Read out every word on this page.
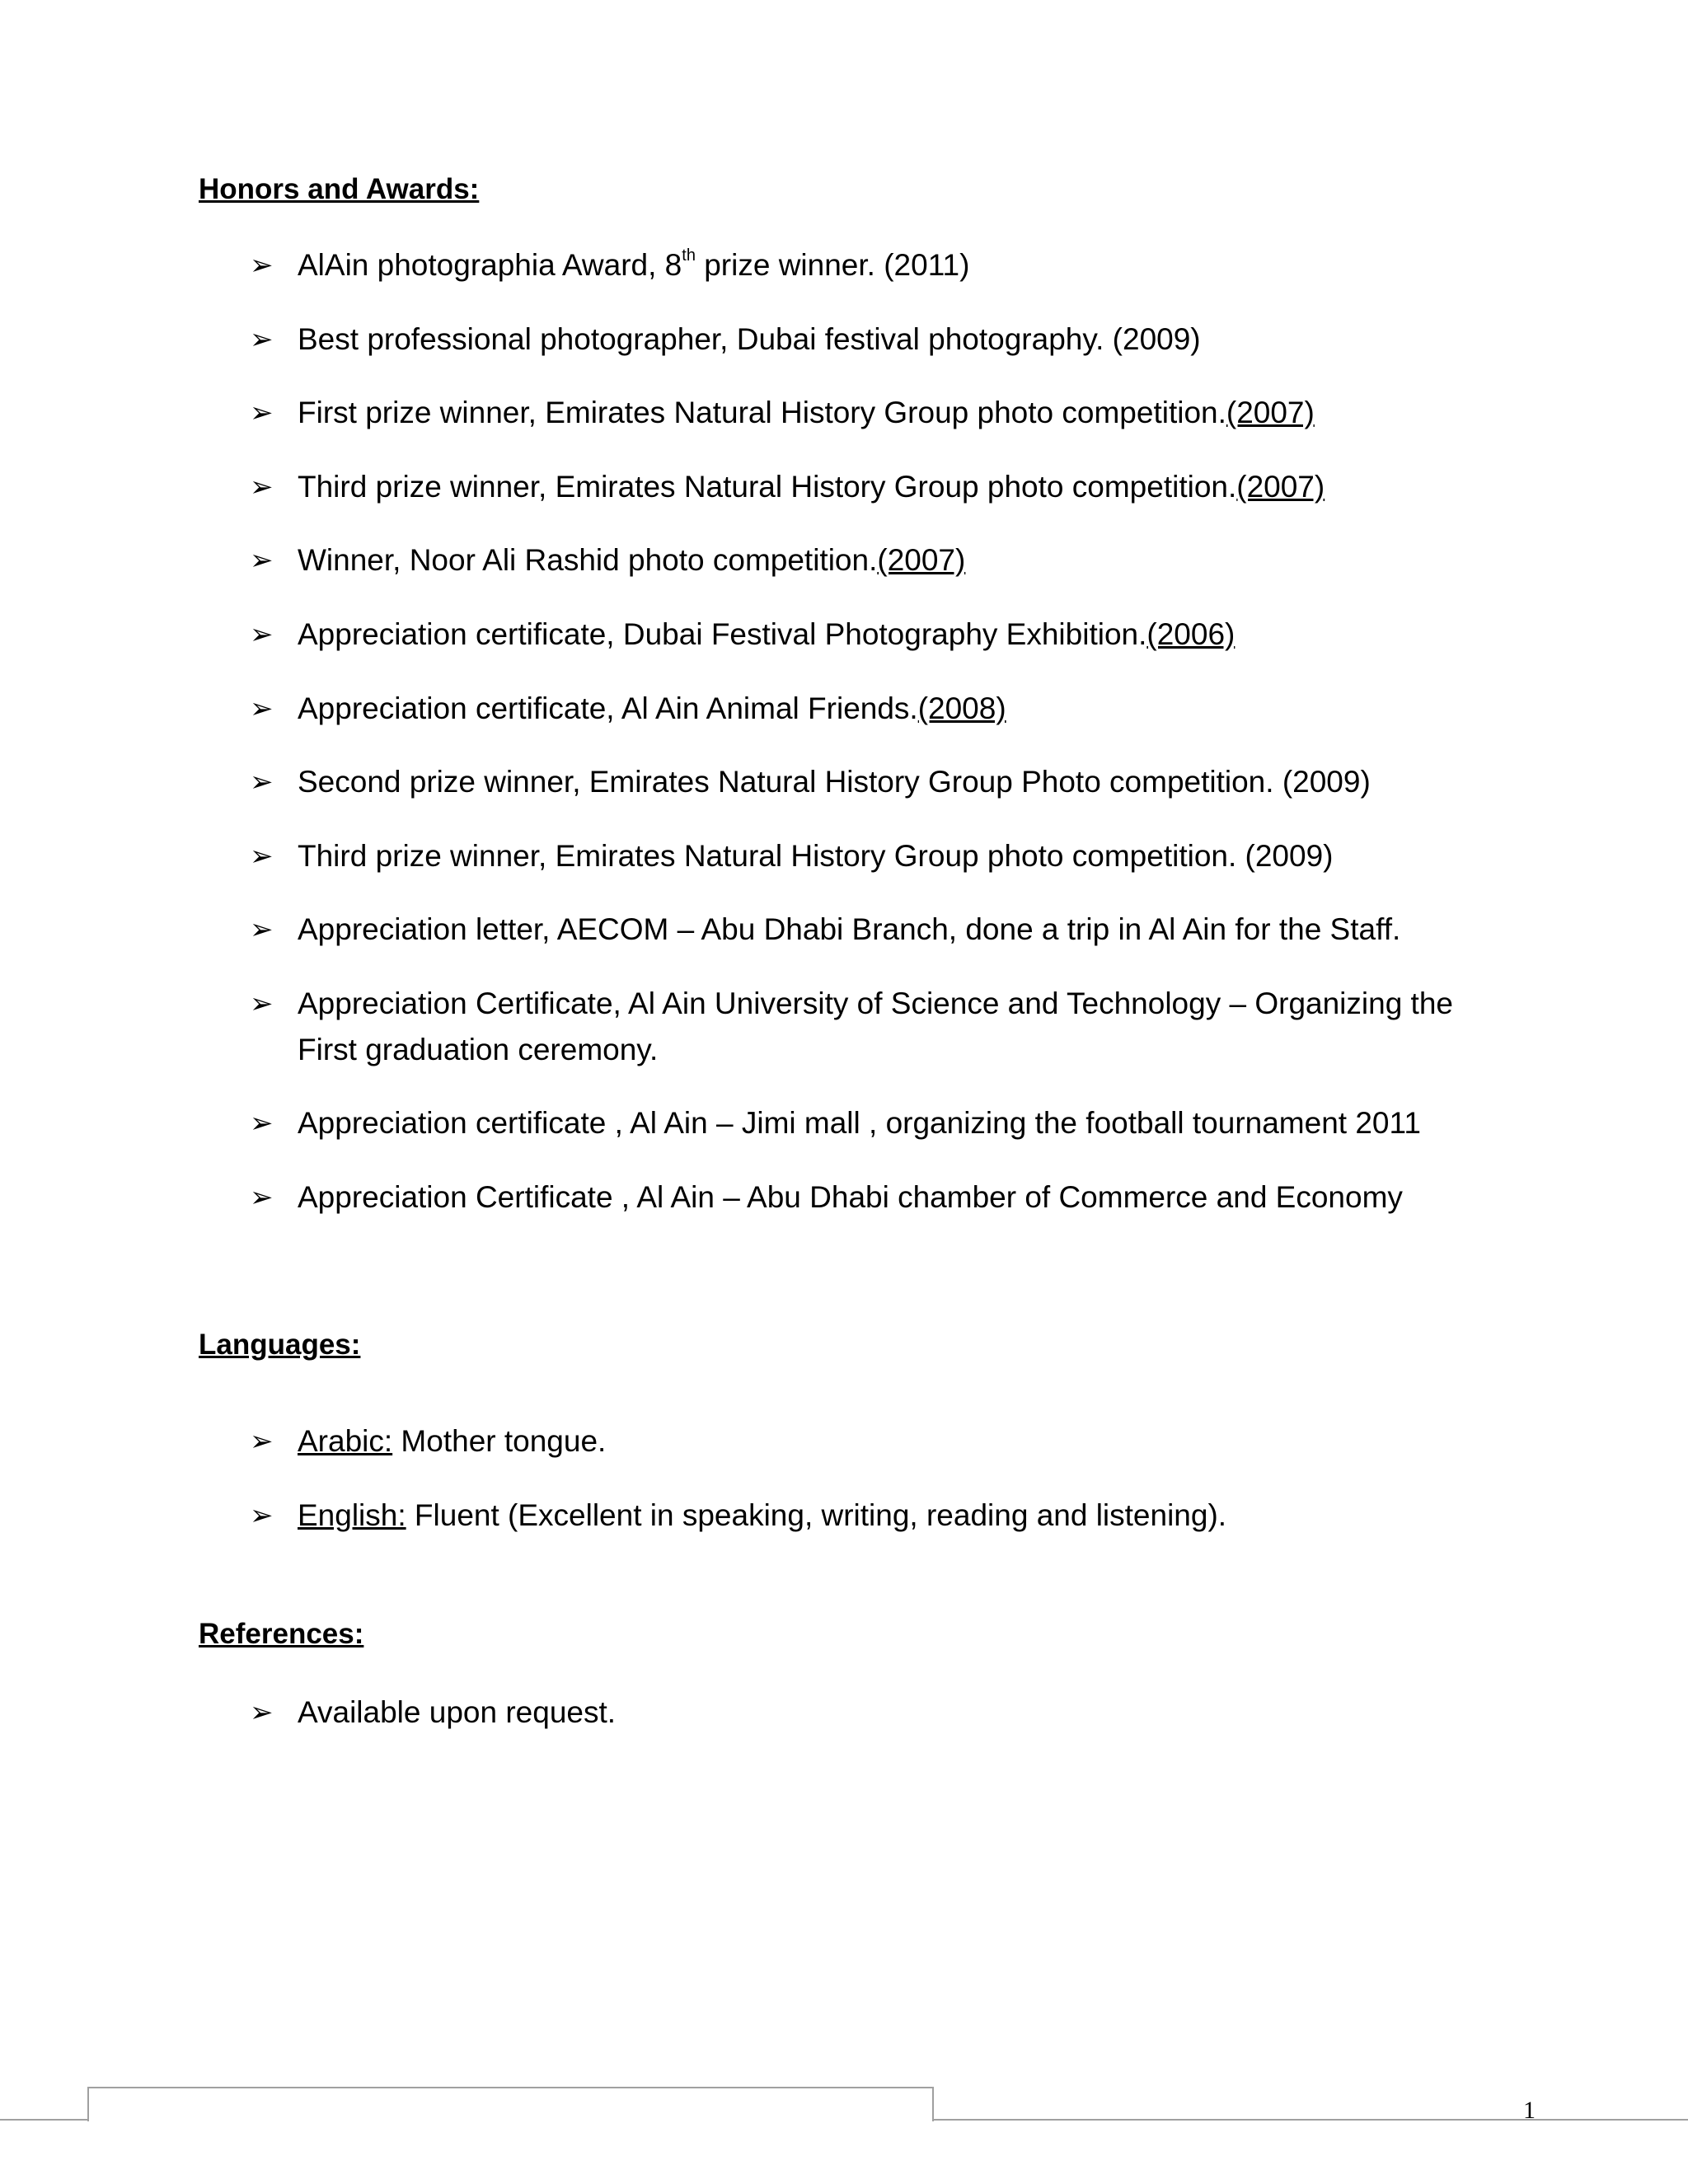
Honors and Awards:
➢ AlAin photographia Award, 8th prize winner. (2011)
➢ Best professional photographer, Dubai festival photography. (2009)
➢ First prize winner, Emirates Natural History Group photo competition.(2007)
➢ Third prize winner, Emirates Natural History Group photo competition.(2007)
➢ Winner, Noor Ali Rashid photo competition.(2007)
➢ Appreciation certificate, Dubai Festival Photography Exhibition.(2006)
➢ Appreciation certificate, Al Ain Animal Friends.(2008)
➢ Second prize winner, Emirates Natural History Group Photo competition. (2009)
➢ Third prize winner, Emirates Natural History Group photo competition. (2009)
➢ Appreciation letter, AECOM – Abu Dhabi Branch, done a trip in Al Ain for the Staff.
➢ Appreciation Certificate, Al Ain University of Science and Technology – Organizing the
First graduation ceremony.
➢ Appreciation certificate , Al Ain – Jimi mall , organizing the football tournament 2011
➢ Appreciation Certificate , Al Ain – Abu Dhabi chamber of Commerce and Economy
Languages:
➢ Arabic: Mother tongue.
➢ English: Fluent (Excellent in speaking, writing, reading and listening).
References:
➢ Available upon request.
1
